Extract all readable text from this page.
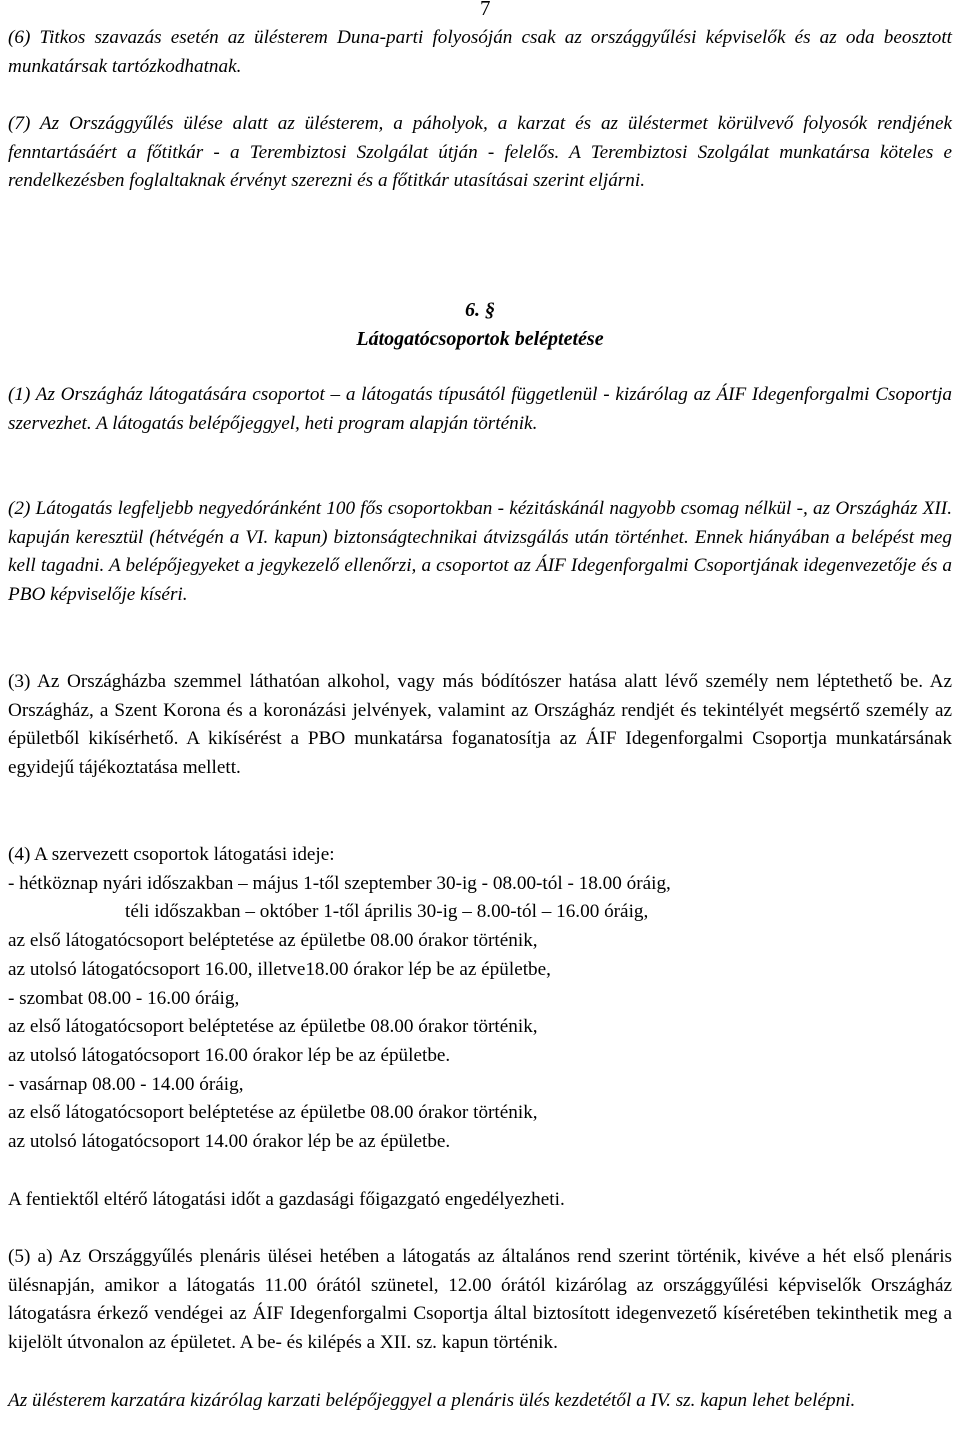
7

(6) Titkos szavazás esetén az ülésterem Duna-parti folyosóján csak az országgyűlési képviselők és az oda beosztott munkatársak tartózkodhatnak.

(7) Az Országgyűlés ülése alatt az ülésterem, a páholyok, a karzat és az üléstermet körülvevő folyosók rendjének fenntartásáért a főtitkár - a Terembiztosi Szolgálat útján - felelős. A Terembiztosi Szolgálat munkatársa köteles e rendelkezésben foglaltaknak érvényt szerezni és a főtitkár utasításai szerint eljárni.

6. §
Látogatócsoportok beléptetése

(1) Az Országház látogatására csoportot – a látogatás típusától függetlenül - kizárólag az ÁIF Idegenforgalmi Csoportja szervezhet. A látogatás belépőjeggyel, heti program alapján történik.

(2) Látogatás legfeljebb negyedóránként 100 fős csoportokban - kézitáskánál nagyobb csomag nélkül -, az Országház XII. kapuján keresztül (hétvégén a VI. kapun) biztonságtechnikai átvizsgálás után történhet. Ennek hiányában a belépést meg kell tagadni. A belépőjegyeket a jegykezelő ellenőrzi, a csoportot az ÁIF Idegenforgalmi Csoportjának idegenvezetője és a PBO képviselője kíséri.

(3) Az Országházba szemmel láthatóan alkohol, vagy más bódítószer hatása alatt lévő személy nem léptethető be. Az Országház, a Szent Korona és a koronázási jelvények, valamint az Országház rendjét és tekintélyét megsértő személy az épületből kikísérhető. A kikísérést a PBO munkatársa foganatosítja az ÁIF Idegenforgalmi Csoportja munkatársának egyidejű tájékoztatása mellett.

(4) A szervezett csoportok látogatási ideje:
- hétköznap nyári időszakban – május 1-től szeptember 30-ig - 08.00-tól - 18.00 óráig,
téli időszakban – október 1-től április 30-ig – 8.00-tól – 16.00 óráig,
az első látogatócsoport beléptetése az épületbe 08.00 órakor történik,
az utolsó látogatócsoport 16.00, illetve18.00 órakor lép be az épületbe,
- szombat 08.00 - 16.00 óráig,
az első látogatócsoport beléptetése az épületbe 08.00 órakor történik,
az utolsó látogatócsoport 16.00 órakor lép be az épületbe.
- vasárnap 08.00 - 14.00 óráig,
az első látogatócsoport beléptetése az épületbe 08.00 órakor történik,
az utolsó látogatócsoport 14.00 órakor lép be az épületbe.

A fentiektől eltérő látogatási időt a gazdasági főigazgató engedélyezheti.

(5) a) Az Országgyűlés plenáris ülései hetében a látogatás az általános rend szerint történik, kivéve a hét első plenáris ülésnapján, amikor a látogatás 11.00 órától szünetel, 12.00 órától kizárólag az országgyűlési képviselők Országház látogatásra érkező vendégei az ÁIF Idegenforgalmi Csoportja által biztosított idegenvezető kíséretében tekinthetik meg a kijelölt útvonalon az épületet. A be- és kilépés a XII. sz. kapun történik.

Az ülésterem karzatára kizárólag karzati belépőjeggyel a plenáris ülés kezdetétől a IV. sz. kapun lehet belépni.
